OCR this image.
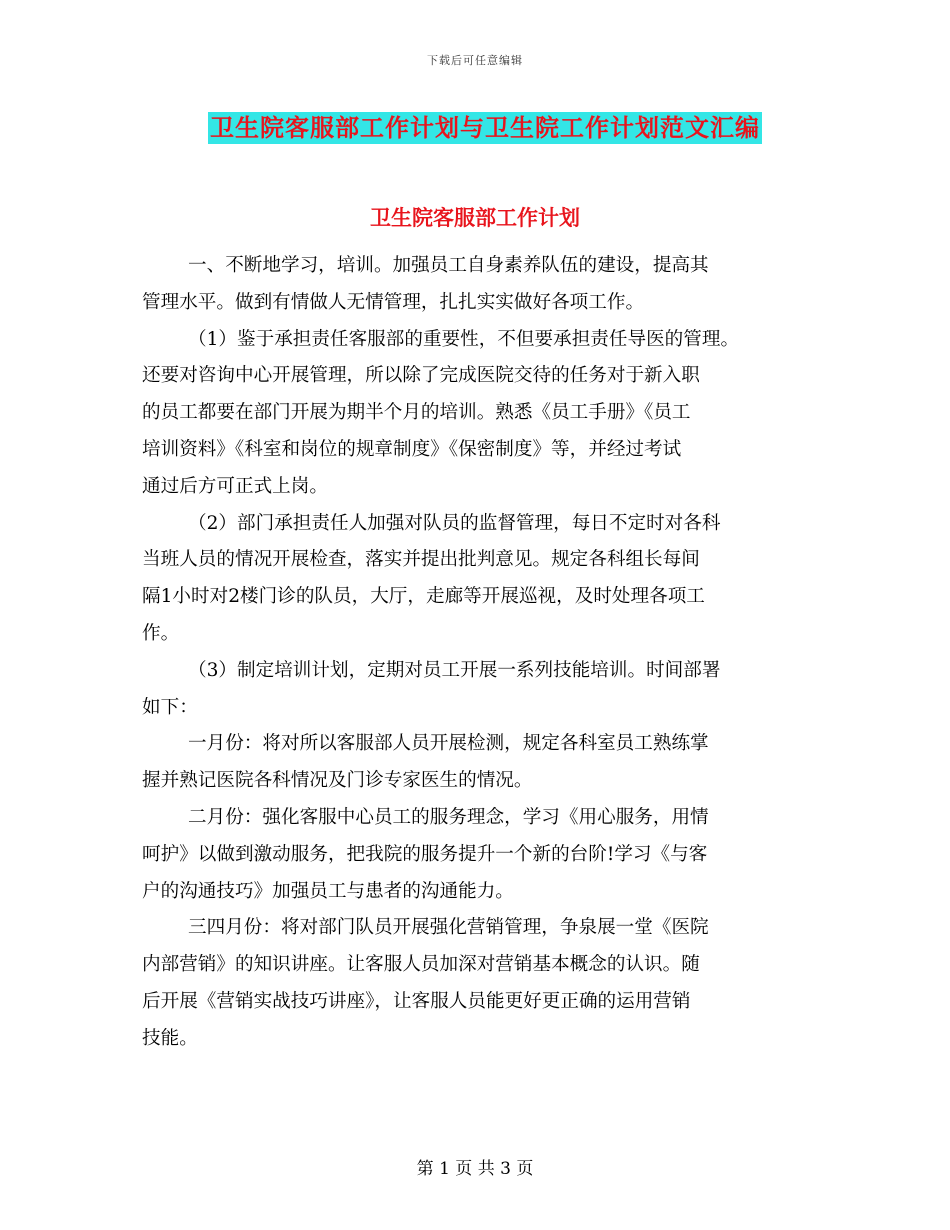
下载后可任意编辑
卫生院客服部工作计划与卫生院工作计划范文汇编
卫生院客服部工作计划

一、不断地学习，培训。加强员工自身素养队伍的建设，提高其
管理水平。做到有情做人无情管理，扎扎实实做好各项工作。

（1）鉴于承担责任客服部的重要性，不但要承担责任导医的管理。
还要对咨询中心开展管理，所以除了完成医院交待的任务对于新入职
的员工都要在部门开展为期半个月的培训。熟悉《员工手册》《员工
培训资料》《科室和岗位的规章制度》《保密制度》等，并经过考试
通过后方可正式上岗。

（2）部门承担责任人加强对队员的监督管理，每日不定时对各科
当班人员的情况开展检查，落实并提出批判意见。规定各科组长每间
隔1小时对2楼门诊的队员，大厅，走廊等开展巡视，及时处理各项工
作。

（3）制定培训计划，定期对员工开展一系列技能培训。时间部署
如下：

一月份：将对所以客服部人员开展检测，规定各科室员工熟练掌
握并熟记医院各科情况及门诊专家医生的情况。

二月份：强化客服中心员工的服务理念，学习《用心服务，用情
呵护》以做到激动服务，把我院的服务提升一个新的台阶!学习《与客
户的沟通技巧》加强员工与患者的沟通能力。

三四月份：将对部门队员开展强化营销管理，争泉展一堂《医院
内部营销》的知识讲座。让客服人员加深对营销基本概念的认识。随
后开展《营销实战技巧讲座》，让客服人员能更好更正确的运用营销
技能。

第 1 页 共 3 页
